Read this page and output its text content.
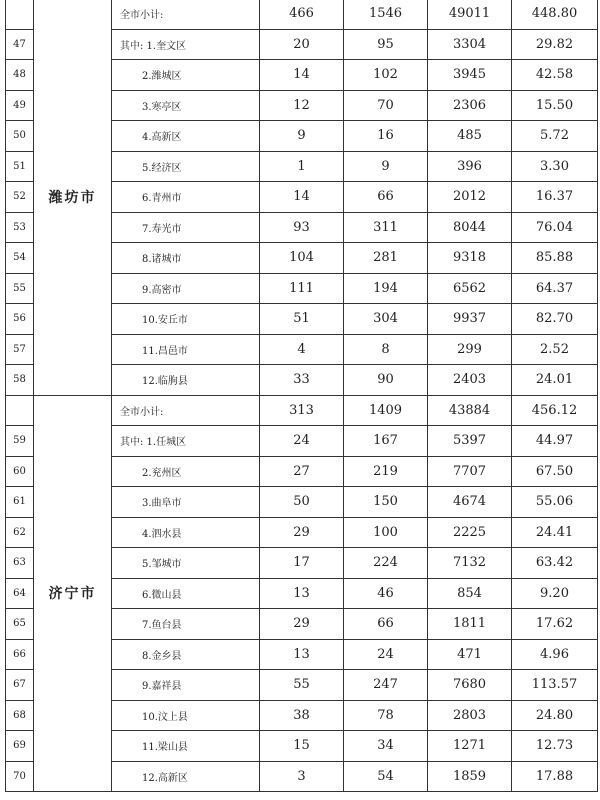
	潍坊市	全市小计:	466	1546	49011	448.80
47		其中: 1.奎文区	20	95	3304	29.82
48		2.潍城区	14	102	3945	42.58
49		3.寒亭区	12	70	2306	15.50
50		4.高新区	9	16	485	5.72
51		5.经济区	1	9	396	3.30
52		6.青州市	14	66	2012	16.37
53		7.寿光市	93	311	8044	76.04
54		8.诸城市	104	281	9318	85.88
55		9.高密市	111	194	6562	64.37
56		10.安丘市	51	304	9937	82.70
57		11.昌邑市	4	8	299	2.52
58		12.临朐县	33	90	2403	24.01
	济宁市	全市小计:	313	1409	43884	456.12
59		其中: 1.任城区	24	167	5397	44.97
60		2.兖州区	27	219	7707	67.50
61		3.曲阜市	50	150	4674	55.06
62		4.泗水县	29	100	2225	24.41
63		5.邹城市	17	224	7132	63.42
64		6.微山县	13	46	854	9.20
65		7.鱼台县	29	66	1811	17.62
66		8.金乡县	13	24	471	4.96
67		9.嘉祥县	55	247	7680	113.57
68		10.汶上县	38	78	2803	24.80
69		11.梁山县	15	34	1271	12.73
70		12.高新区	3	54	1859	17.88
